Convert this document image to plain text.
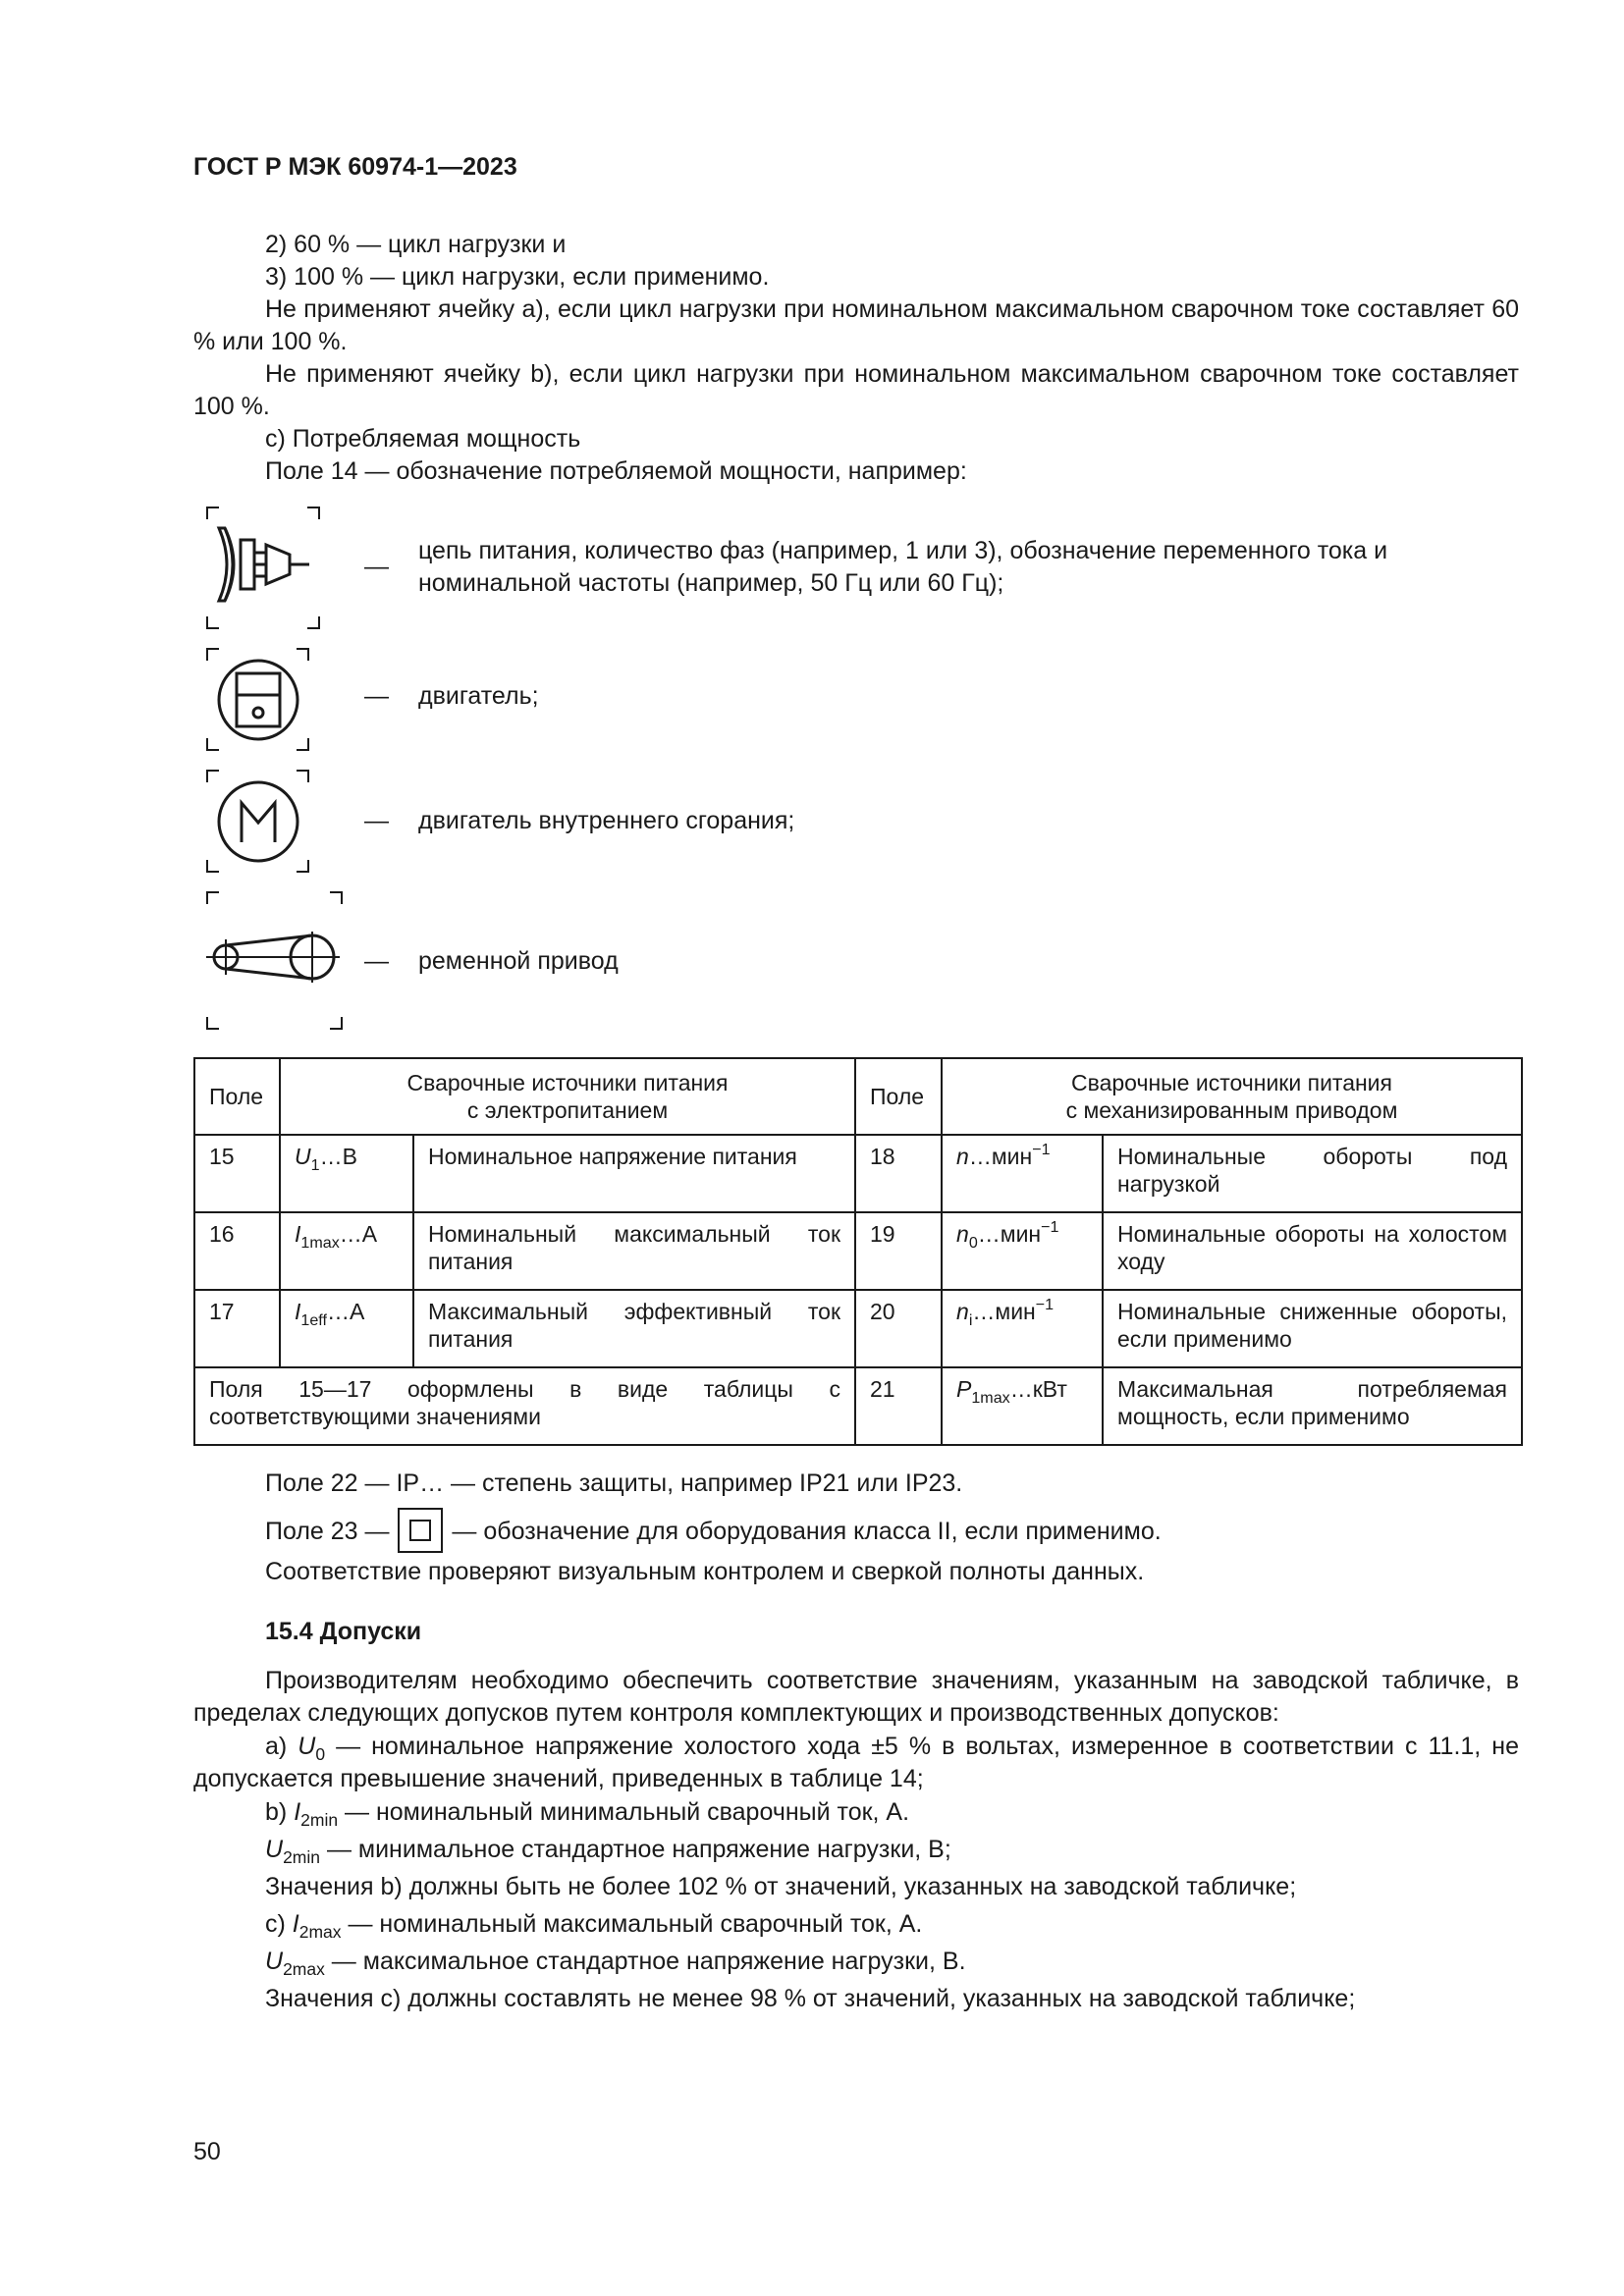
ГОСТ Р МЭК 60974-1—2023

2) 60 % — цикл нагрузки и

3) 100 % — цикл нагрузки, если применимо.

Не применяют ячейку a), если цикл нагрузки при номинальном максимальном сварочном токе составляет 60 % или 100 %.

Не применяют ячейку b), если цикл нагрузки при номинальном максимальном сварочном токе составляет 100 %.

c) Потребляемая мощность

Поле 14 — обозначение потребляемой мощности, например:

—
цепь питания, количество фаз (например, 1 или 3), обозначение переменного тока и номинальной частоты (например, 50 Гц или 60 Гц);
— двигатель;
— двигатель внутреннего сгорания;
— ременной привод
Поле	Сварочные источники питания
с электропитанием		Поле	Сварочные источники питания
с механизированным приводом	
15	$U_1\dots В$	Номинальное напряжение питания	18	n…мин$^{-1}$	Номинальные обороты под нагрузкой
16	$I_{1max}\dots A$	Номинальный максимальный ток питания	19	$n_0\dots мин^{-1}$	Номинальные обороты на холостом ходу
17	$I_{1eff}\dots A$	Максимальный эффективный ток питания	20	$n_i\dots мин^{-1}$	Номинальные сниженные обороты, если применимо
Поля 15—17 оформлены в виде таблицы с соответствующими значениями			21	$P_{1max}\dots кВт$	Максимальная потребляемая мощность, если применимо

Поле 22 — IP… — степень защиты, например IP21 или IP23.

Поле 23 —	— обозначение для оборудования класса II, если применимо.

Соответствие проверяют визуальным контролем и сверкой полноты данных.

15.4 Допуски

Производителям необходимо обеспечить соответствие значениям, указанным на заводской табличке, в пределах следующих допусков путем контроля комплектующих и производственных допусков:

a) $U_0$ — номинальное напряжение холостого хода ±5 % в вольтах, измеренное в соответствии с 11.1, не допускается превышение значений, приведенных в таблице 14;

b) $I_{2min}$ — номинальный минимальный сварочный ток, A.

$U_{2min}$ — минимальное стандартное напряжение нагрузки, В;

Значения b) должны быть не более 102 % от значений, указанных на заводской табличке;

c) $I_{2max}$ — номинальный максимальный сварочный ток, A.

$U_{2max}$ — максимальное стандартное напряжение нагрузки, В.

Значения c) должны составлять не менее 98 % от значений, указанных на заводской табличке;

50
